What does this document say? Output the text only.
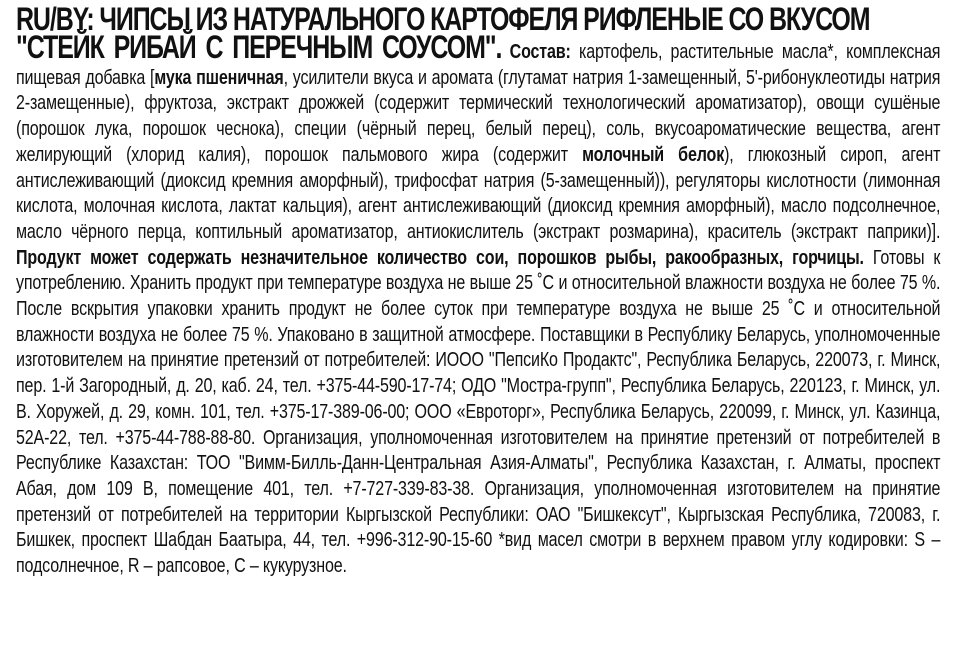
RU/BY: ЧИПСЫ ИЗ НАТУРАЛЬНОГО КАРТОФЕЛЯ РИФЛЕНЫЕ СО ВКУСОМ

"СТЕЙК РИБАЙ С ПЕРЕЧНЫМ СОУСОМ". Состав: картофель, растительные масла*, комплексная пищевая добавка [мука пшеничная, усилители вкуса и аромата (глутамат натрия 1-замещенный, 5'-рибонуклеотиды натрия 2-замещенные), фруктоза, экстракт дрожжей (содержит термический технологический ароматизатор), овощи сушёные (порошок лука, порошок чеснока), специи (чёрный перец, белый перец), соль, вкусоароматические вещества, агент желирующий (хлорид калия), порошок пальмового жира (содержит молочный белок), глюкозный сироп, агент антислеживающий (диоксид кремния аморфный), трифосфат натрия (5-замещенный)), регуляторы кислотности (лимонная кислота, молочная кислота, лактат кальция), агент антислеживающий (диоксид кремния аморфный), масло подсолнечное, масло чёрного перца, коптильный ароматизатор, антиокислитель (экстракт розмарина), краситель (экстракт паприки)]. Продукт может содержать незначительное количество сои, порошков рыбы, ракообразных, горчицы. Готовы к употреблению. Хранить продукт при температуре воздуха не выше 25 ˚С и относительной влажности воздуха не более 75 %. После вскрытия упаковки хранить продукт не более суток при температуре воздуха не выше 25 ˚С и относительной влажности воздуха не более 75 %. Упаковано в защитной атмосфере. Поставщики в Республику Беларусь, уполномоченные изготовителем на принятие претензий от потребителей: ИООО "ПепсиКо Продактс", Республика Беларусь, 220073, г. Минск, пер. 1-й Загородный, д. 20, каб. 24, тел. +375-44-590-17-74; ОДО "Мостра-групп", Республика Беларусь, 220123, г. Минск, ул. В. Хоружей, д. 29, комн. 101, тел. +375-17-389-06-00; ООО «Евроторг», Республика Беларусь, 220099, г. Минск, ул. Казинца, 52А-22, тел. +375-44-788-88-80. Организация, уполномоченная изготовителем на принятие претензий от потребителей в Республике Казахстан: ТОО "Вимм-Билль-Данн-Центральная Азия-Алматы", Республика Казахстан, г. Алматы, проспект Абая, дом 109 В, помещение 401, тел. +7-727-339-83-38. Организация, уполномоченная изготовителем на принятие претензий от потребителей на территории Кыргызской Республики: ОАО "Бишкексут", Кыргызская Республика, 720083, г. Бишкек, проспект Шабдан Баатыра, 44, тел. +996-312-90-15-60 *вид масел смотри в верхнем правом углу кодировки: S – подсолнечное, R – рапсовое, C – кукурузное.
